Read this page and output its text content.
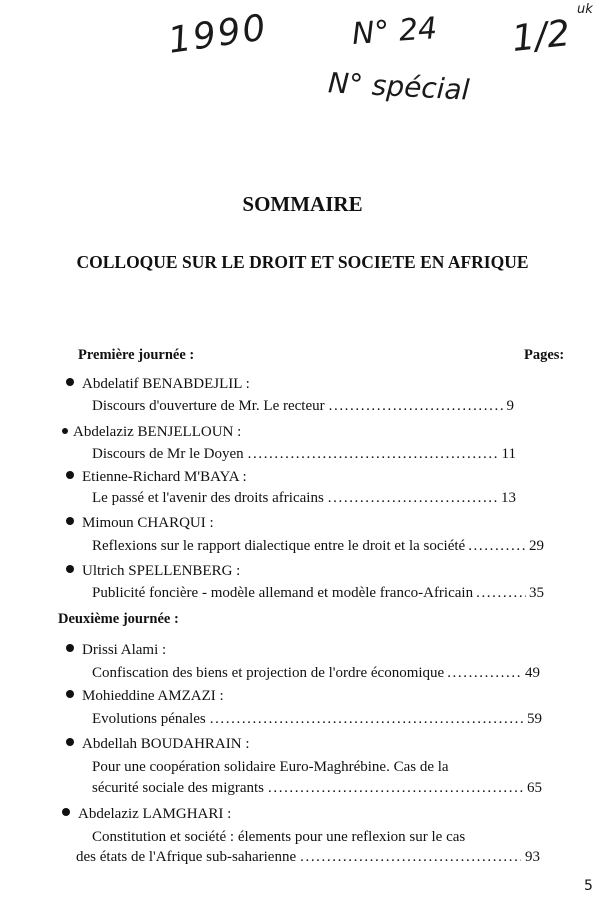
1990	N° 24 1/2
uk
N° spécial
SOMMAIRE
COLLOQUE SUR LE DROIT ET SOCIETE EN AFRIQUE
Première journée :	Pages:
Abdelatif BENABDEJLIL :
Discours d'ouverture de Mr. Le recteur .....	9
Abdelaziz BENJELLOUN :
Discours de Mr le Doyen .....	11
Etienne-Richard M'BAYA :
Le passé et l'avenir des droits africains .....	13
Mimoun CHARQUI :
Reflexions sur le rapport dialectique entre le droit et la société .....	29
Ultrich SPELLENBERG :
Publicité foncière - modèle allemand et modèle franco-Africain .....	35
Deuxième journée :
Drissi Alami :
Confiscation des biens et projection de l'ordre économique .....	49
Mohieddine AMZAZI :
Evolutions pénales .....	59
Abdellah BOUDAHRAIN :
Pour une coopération solidaire Euro-Maghrébine. Cas de la
sécurité sociale des migrants .....	65
Abdelaziz LAMGHARI :
Constitution et société : élements pour une reflexion sur le cas
des états de l'Afrique sub-saharienne .....	93
5
